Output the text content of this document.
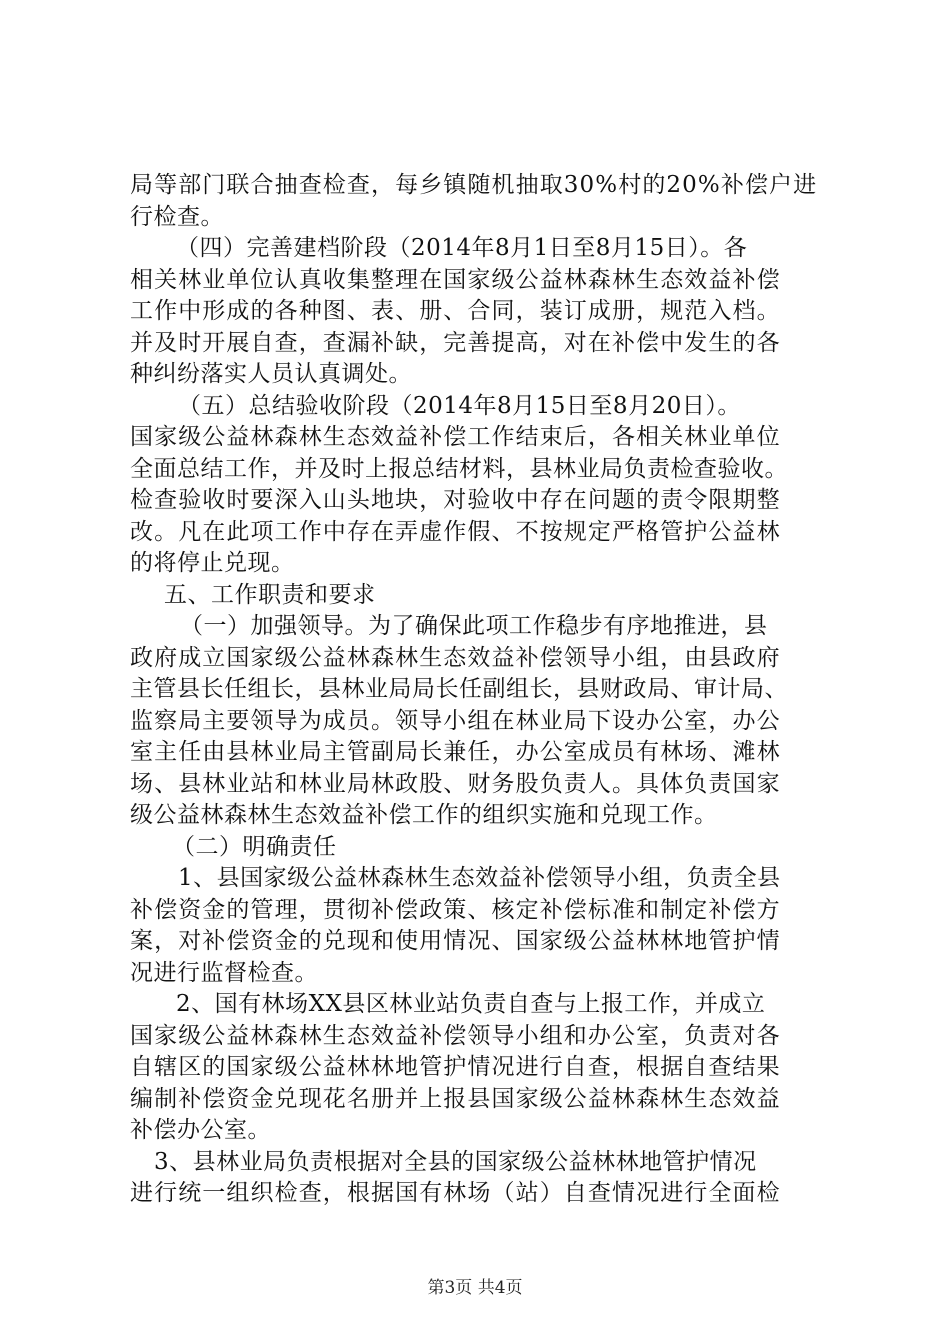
局等部门联合抽查检查，每乡镇随机抽取30%村的20%补偿户进
行检查。
（四）完善建档阶段（2014年8月1日至8月15日）。各
相关林业单位认真收集整理在国家级公益林森林生态效益补偿
工作中形成的各种图、表、册、合同，装订成册，规范入档。
并及时开展自查，查漏补缺，完善提高，对在补偿中发生的各
种纠纷落实人员认真调处。
（五）总结验收阶段（2014年8月15日至8月20日）。
国家级公益林森林生态效益补偿工作结束后，各相关林业单位
全面总结工作，并及时上报总结材料，县林业局负责检查验收。
检查验收时要深入山头地块，对验收中存在问题的责令限期整
改。凡在此项工作中存在弄虚作假、不按规定严格管护公益林
的将停止兑现。
五、工作职责和要求
（一）加强领导。为了确保此项工作稳步有序地推进，县
政府成立国家级公益林森林生态效益补偿领导小组，由县政府
主管县长任组长，县林业局局长任副组长，县财政局、审计局、
监察局主要领导为成员。领导小组在林业局下设办公室，办公
室主任由县林业局主管副局长兼任，办公室成员有林场、滩林
场、县林业站和林业局林政股、财务股负责人。具体负责国家
级公益林森林生态效益补偿工作的组织实施和兑现工作。
（二）明确责任
1、县国家级公益林森林生态效益补偿领导小组，负责全县
补偿资金的管理，贯彻补偿政策、核定补偿标准和制定补偿方
案，对补偿资金的兑现和使用情况、国家级公益林林地管护情
况进行监督检查。
2、国有林场XX县区林业站负责自查与上报工作，并成立
国家级公益林森林生态效益补偿领导小组和办公室，负责对各
自辖区的国家级公益林林地管护情况进行自查，根据自查结果
编制补偿资金兑现花名册并上报县国家级公益林森林生态效益
补偿办公室。
3、县林业局负责根据对全县的国家级公益林林地管护情况
进行统一组织检查，根据国有林场（站）自查情况进行全面检
第3页 共4页
